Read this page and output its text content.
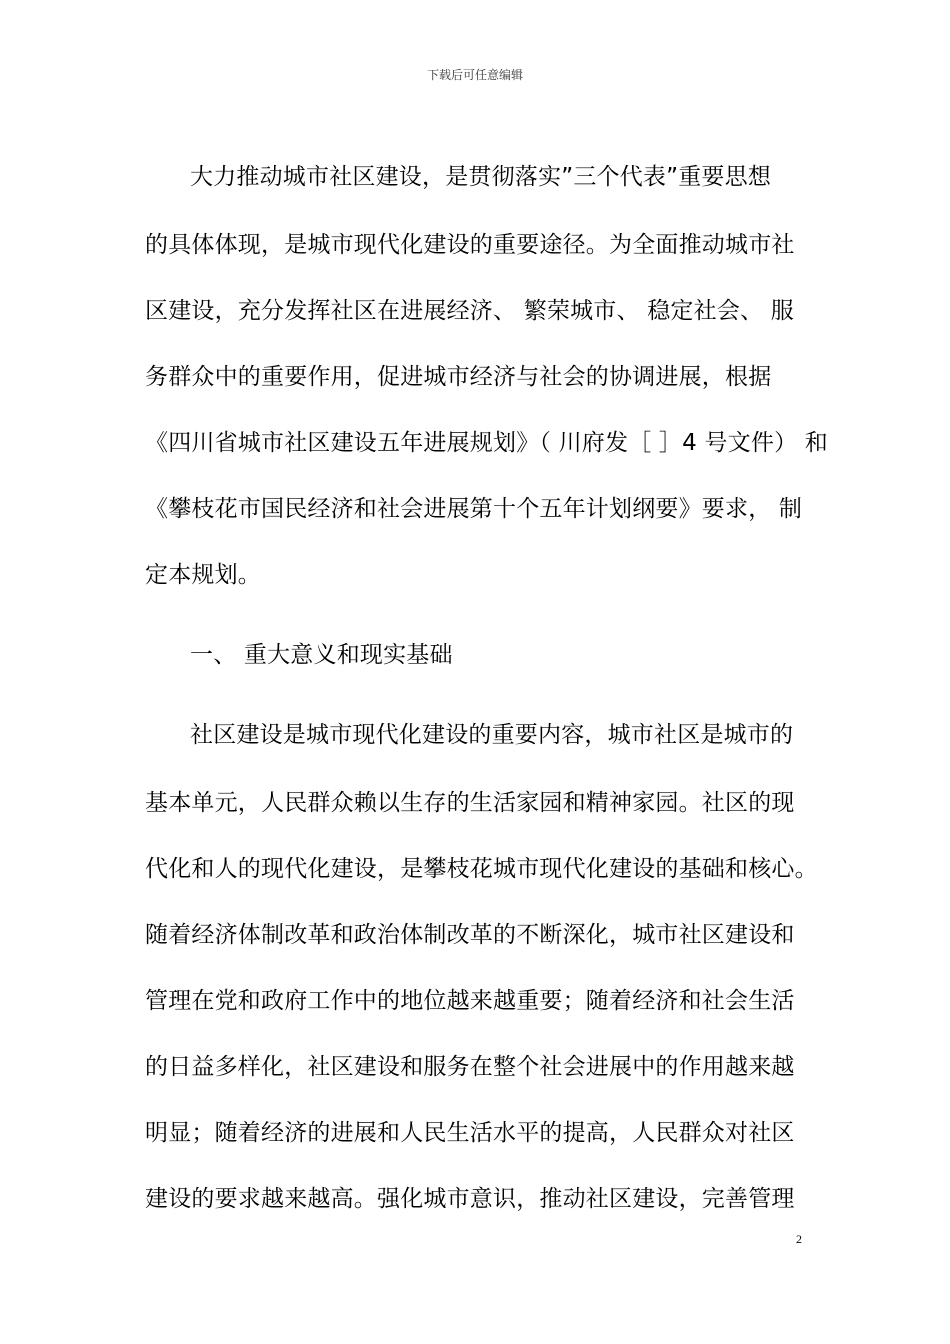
下载后可任意编辑
大力推动城市社区建设，是贯彻落实”三个代表”重要思想
的具体体现，是城市现代化建设的重要途径。为全面推动城市社
区建设，充分发挥社区在进展经济、 繁荣城市、 稳定社会、 服
务群众中的重要作用，促进城市经济与社会的协调进展，根据
《四川省城市社区建设五年进展规划》（ 川府发［ ］4 号文件） 和
《攀枝花市国民经济和社会进展第十个五年计划纲要》要求， 制
定本规划。
一、 重大意义和现实基础
社区建设是城市现代化建设的重要内容，城市社区是城市的
基本单元，人民群众赖以生存的生活家园和精神家园。社区的现
代化和人的现代化建设，是攀枝花城市现代化建设的基础和核心。
随着经济体制改革和政治体制改革的不断深化，城市社区建设和
管理在党和政府工作中的地位越来越重要；随着经济和社会生活
的日益多样化，社区建设和服务在整个社会进展中的作用越来越
明显；随着经济的进展和人民生活水平的提高，人民群众对社区
建设的要求越来越高。强化城市意识，推动社区建设，完善管理
2
